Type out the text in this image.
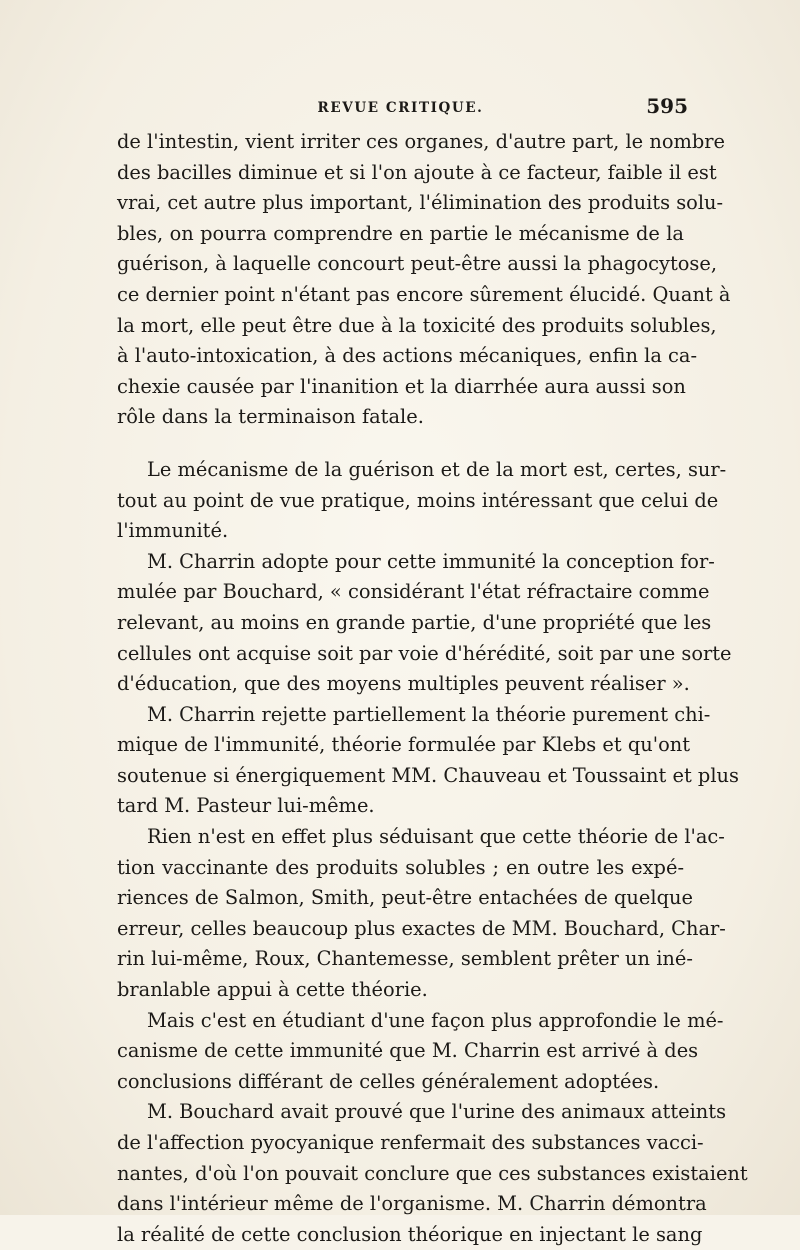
REVUE CRITIQUE.	595
de l'intestin, vient irriter ces organes, d'autre part, le nombre
des bacilles diminue et si l'on ajoute à ce facteur, faible il est
vrai, cet autre plus important, l'élimination des produits solu-
bles, on pourra comprendre en partie le mécanisme de la
guérison, à laquelle concourt peut-être aussi la phagocytose,
ce dernier point n'étant pas encore sûrement élucidé. Quant à
la mort, elle peut être due à la toxicité des produits solubles,
à l'auto-intoxication, à des actions mécaniques, enfin la ca-
chexie causée par l'inanition et la diarrhée aura aussi son
rôle dans la terminaison fatale.
Le mécanisme de la guérison et de la mort est, certes, sur-
tout au point de vue pratique, moins intéressant que celui de
l'immunité.
M. Charrin adopte pour cette immunité la conception for-
mulée par Bouchard, « considérant l'état réfractaire comme
relevant, au moins en grande partie, d'une propriété que les
cellules ont acquise soit par voie d'hérédité, soit par une sorte
d'éducation, que des moyens multiples peuvent réaliser ».
M. Charrin rejette partiellement la théorie purement chi-
mique de l'immunité, théorie formulée par Klebs et qu'ont
soutenue si énergiquement MM. Chauveau et Toussaint et plus
tard M. Pasteur lui-même.
Rien n'est en effet plus séduisant que cette théorie de l'ac-
tion vaccinante des produits solubles ; en outre les expé-
riences de Salmon, Smith, peut-être entachées de quelque
erreur, celles beaucoup plus exactes de MM. Bouchard, Char-
rin lui-même, Roux, Chantemesse, semblent prêter un iné-
branlable appui à cette théorie.
Mais c'est en étudiant d'une façon plus approfondie le mé-
canisme de cette immunité que M. Charrin est arrivé à des
conclusions différant de celles généralement adoptées.
M. Bouchard avait prouvé que l'urine des animaux atteints
de l'affection pyocyanique renfermait des substances vacci-
nantes, d'où l'on pouvait conclure que ces substances existaient
dans l'intérieur même de l'organisme. M. Charrin démontra
la réalité de cette conclusion théorique en injectant le sang
